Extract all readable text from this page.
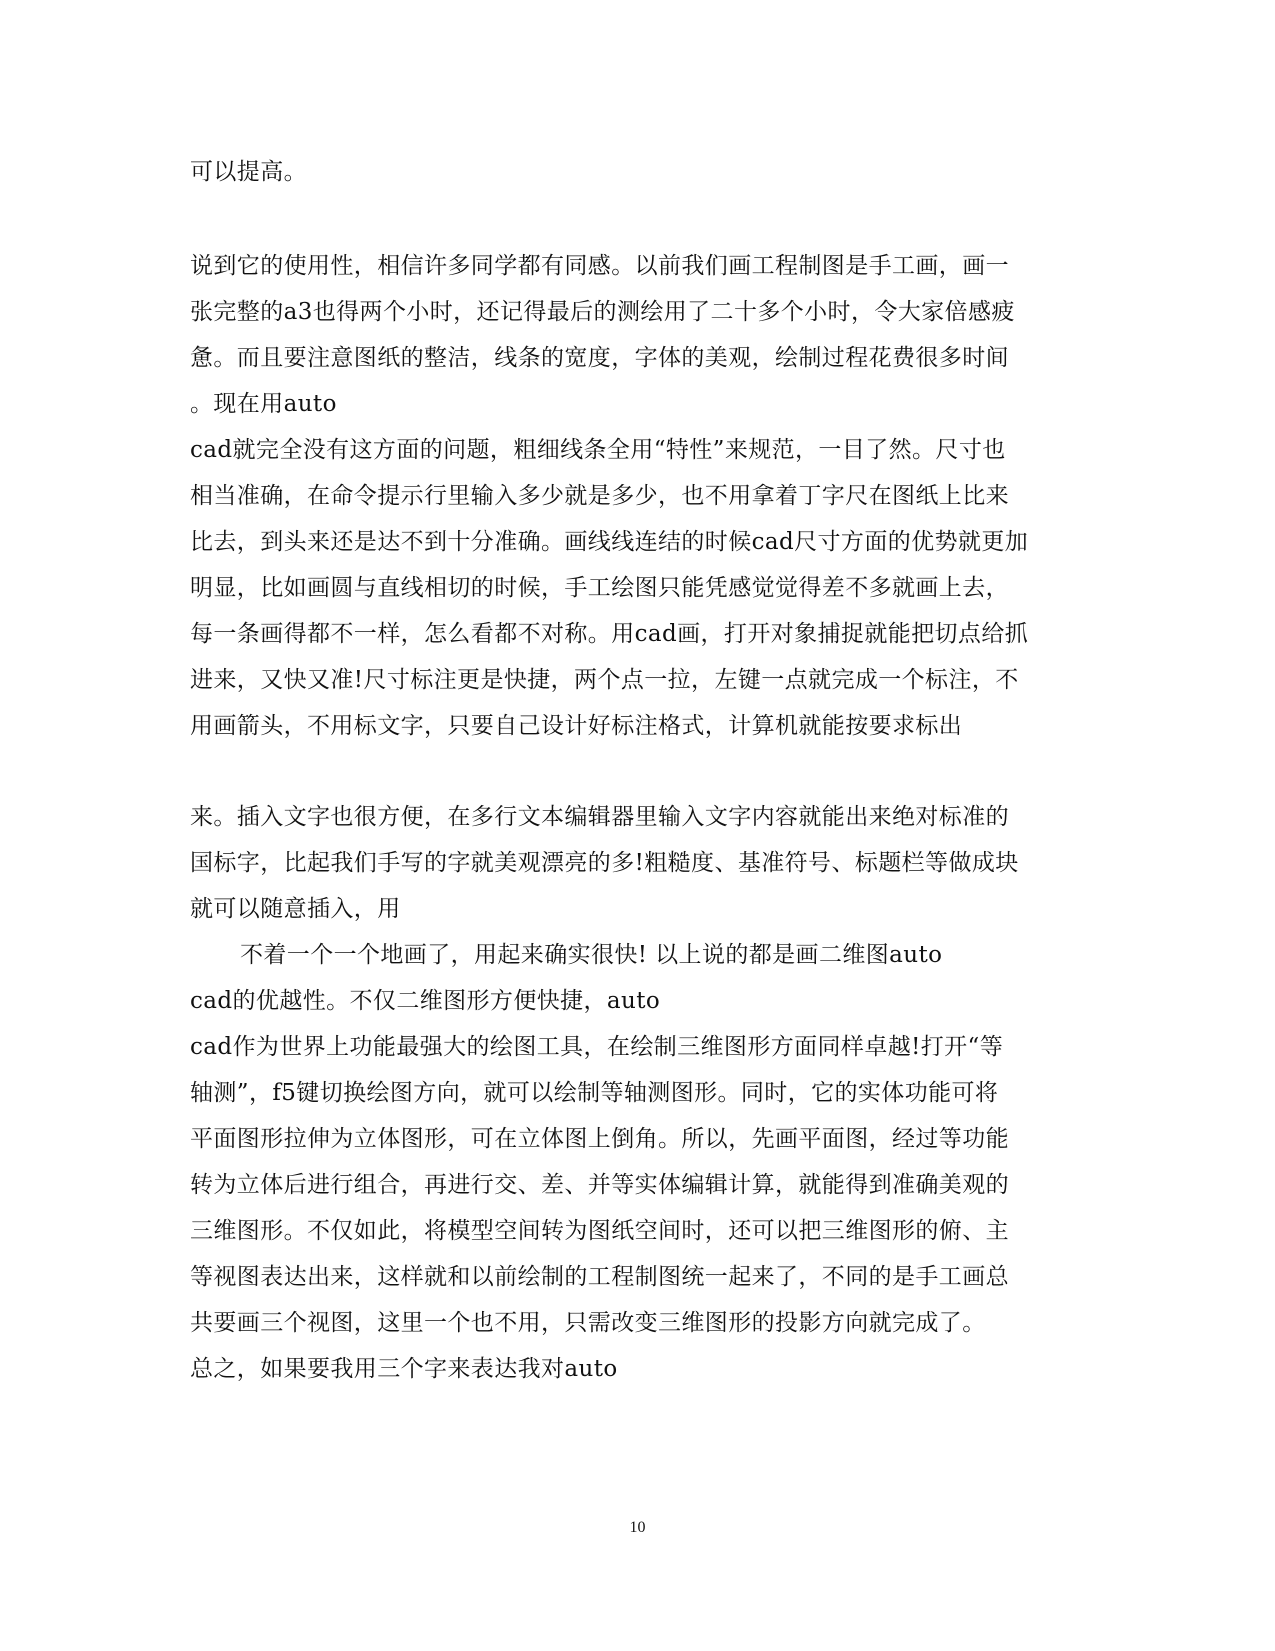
可以提高。
说到它的使用性，相信许多同学都有同感。以前我们画工程制图是手工画，画一
张完整的a3也得两个小时，还记得最后的测绘用了二十多个小时，令大家倍感疲
惫。而且要注意图纸的整洁，线条的宽度，字体的美观，绘制过程花费很多时间
。现在用auto
cad就完全没有这方面的问题，粗细线条全用“特性”来规范，一目了然。尺寸也
相当准确，在命令提示行里输入多少就是多少，也不用拿着丁字尺在图纸上比来
比去，到头来还是达不到十分准确。画线线连结的时候cad尺寸方面的优势就更加
明显，比如画圆与直线相切的时候，手工绘图只能凭感觉觉得差不多就画上去，
每一条画得都不一样，怎么看都不对称。用cad画，打开对象捕捉就能把切点给抓
进来，又快又准!尺寸标注更是快捷，两个点一拉，左键一点就完成一个标注，不
用画箭头，不用标文字，只要自己设计好标注格式，计算机就能按要求标出
来。插入文字也很方便，在多行文本编辑器里输入文字内容就能出来绝对标准的
国标字，比起我们手写的字就美观漂亮的多!粗糙度、基准符号、标题栏等做成块
就可以随意插入，用
不着一个一个地画了，用起来确实很快! 以上说的都是画二维图auto
cad的优越性。不仅二维图形方便快捷，auto
cad作为世界上功能最强大的绘图工具，在绘制三维图形方面同样卓越!打开“等
轴测”，f5键切换绘图方向，就可以绘制等轴测图形。同时，它的实体功能可将
平面图形拉伸为立体图形，可在立体图上倒角。所以，先画平面图，经过等功能
转为立体后进行组合，再进行交、差、并等实体编辑计算，就能得到准确美观的
三维图形。不仅如此，将模型空间转为图纸空间时，还可以把三维图形的俯、主
等视图表达出来，这样就和以前绘制的工程制图统一起来了，不同的是手工画总
共要画三个视图，这里一个也不用，只需改变三维图形的投影方向就完成了。
总之，如果要我用三个字来表达我对auto
10
